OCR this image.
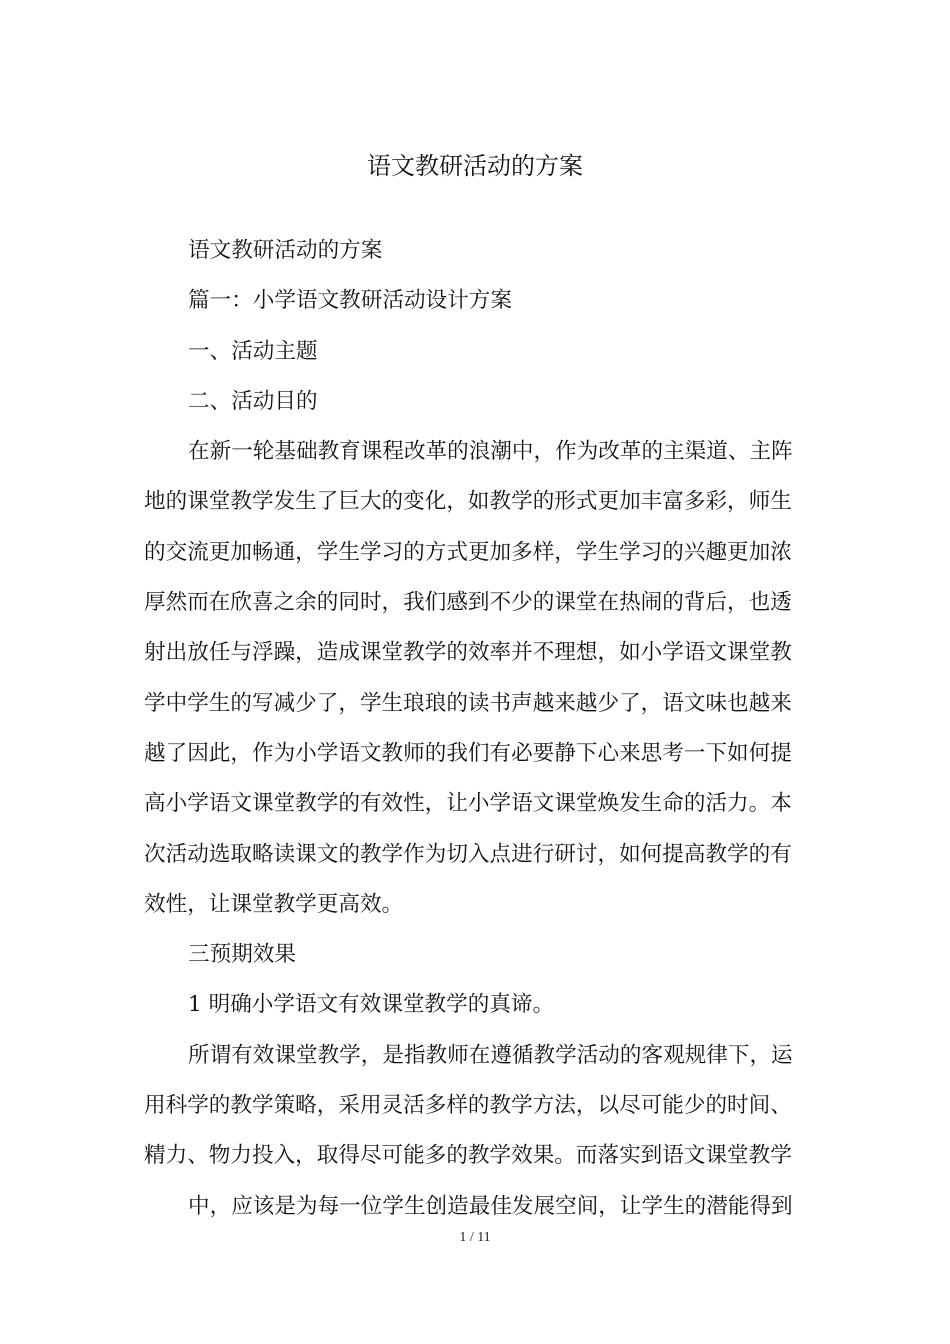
语文教研活动的方案

语文教研活动的方案

篇一：小学语文教研活动设计方案

一、活动主题

二、活动目的

在新一轮基础教育课程改革的浪潮中，作为改革的主渠道、主阵

地的课堂教学发生了巨大的变化，如教学的形式更加丰富多彩，师生

的交流更加畅通，学生学习的方式更加多样，学生学习的兴趣更加浓

厚然而在欣喜之余的同时，我们感到不少的课堂在热闹的背后，也透

射出放任与浮躁，造成课堂教学的效率并不理想，如小学语文课堂教

学中学生的写减少了，学生琅琅的读书声越来越少了，语文味也越来

越了因此，作为小学语文教师的我们有必要静下心来思考一下如何提

高小学语文课堂教学的有效性，让小学语文课堂焕发生命的活力。本

次活动选取略读课文的教学作为切入点进行研讨，如何提高教学的有

效性，让课堂教学更高效。

三预期效果

1 明确小学语文有效课堂教学的真谛。

所谓有效课堂教学，是指教师在遵循教学活动的客观规律下，运

用科学的教学策略，采用灵活多样的教学方法，以尽可能少的时间、

精力、物力投入，取得尽可能多的教学效果。而落实到语文课堂教学

中，应该是为每一位学生创造最佳发展空间，让学生的潜能得到

1 / 11
